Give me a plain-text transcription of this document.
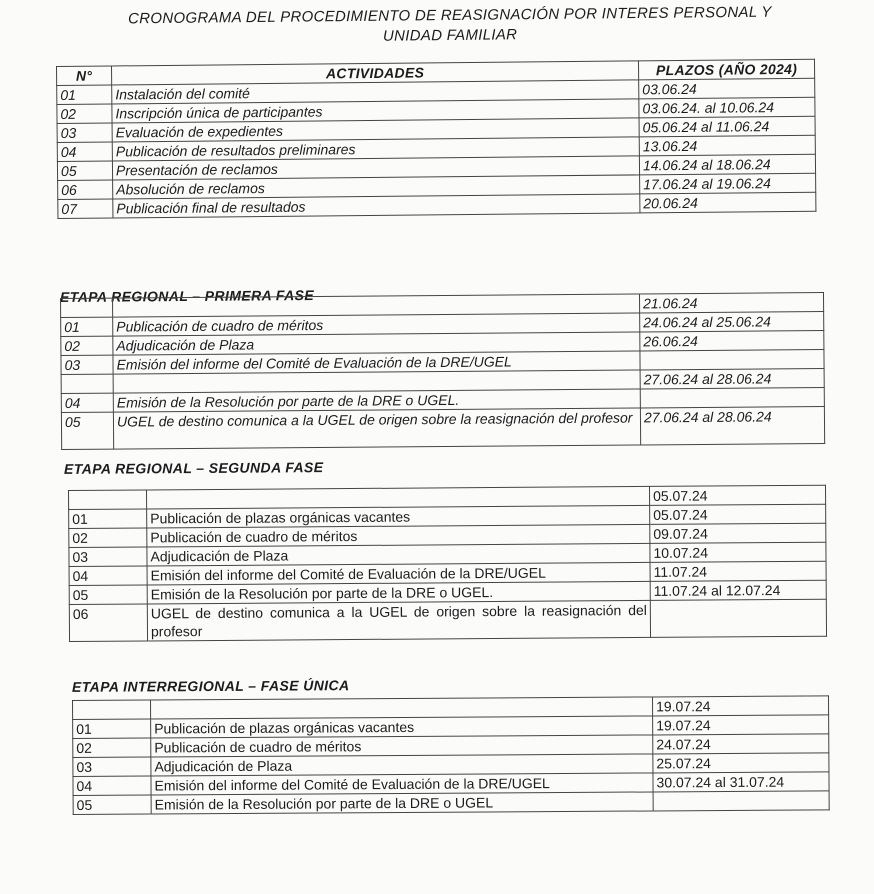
CRONOGRAMA DEL PROCEDIMIENTO DE REASIGNACIÓN POR INTERES PERSONAL Y
UNIDAD FAMILIAR
N°	ACTIVIDADES	PLAZOS (AÑO 2024)
01	Instalación del comité	03.06.24
02	Inscripción única de participantes	03.06.24. al 10.06.24
03	Evaluación de expedientes	05.06.24 al 11.06.24
04	Publicación de resultados preliminares	13.06.24
05	Presentación de reclamos	14.06.24 al 18.06.24
06	Absolución de reclamos	17.06.24 al 19.06.24
07	Publicación final de resultados	20.06.24
ETAPA REGIONAL – PRIMERA FASE
			21.06.24
01	Publicación de cuadro de méritos	24.06.24 al 25.06.24
02	Adjudicación de Plaza	26.06.24
03	Emisión del informe del Comité de Evaluación de la DRE/UGEL	
		27.06.24 al 28.06.24
04	Emisión de la Resolución por parte de la DRE o UGEL.	
05	UGEL de destino comunica a la UGEL de origen sobre la reasignación del profesor	27.06.24 al 28.06.24
ETAPA REGIONAL – SEGUNDA FASE
		05.07.24
01	Publicación de plazas orgánicas vacantes	05.07.24
02	Publicación de cuadro de méritos	09.07.24
03	Adjudicación de Plaza	10.07.24
04	Emisión del informe del Comité de Evaluación de la DRE/UGEL	11.07.24
05	Emisión de la Resolución por parte de la DRE o UGEL.	11.07.24 al 12.07.24
06	UGEL de destino comunica a la UGEL de origen sobre la reasignación del profesor	
ETAPA INTERREGIONAL – FASE ÚNICA
		19.07.24
01	Publicación de plazas orgánicas vacantes	19.07.24
02	Publicación de cuadro de méritos	24.07.24
03	Adjudicación de Plaza	25.07.24
04	Emisión del informe del Comité de Evaluación de la DRE/UGEL	30.07.24 al 31.07.24
05	Emisión de la Resolución por parte de la DRE o UGEL	
